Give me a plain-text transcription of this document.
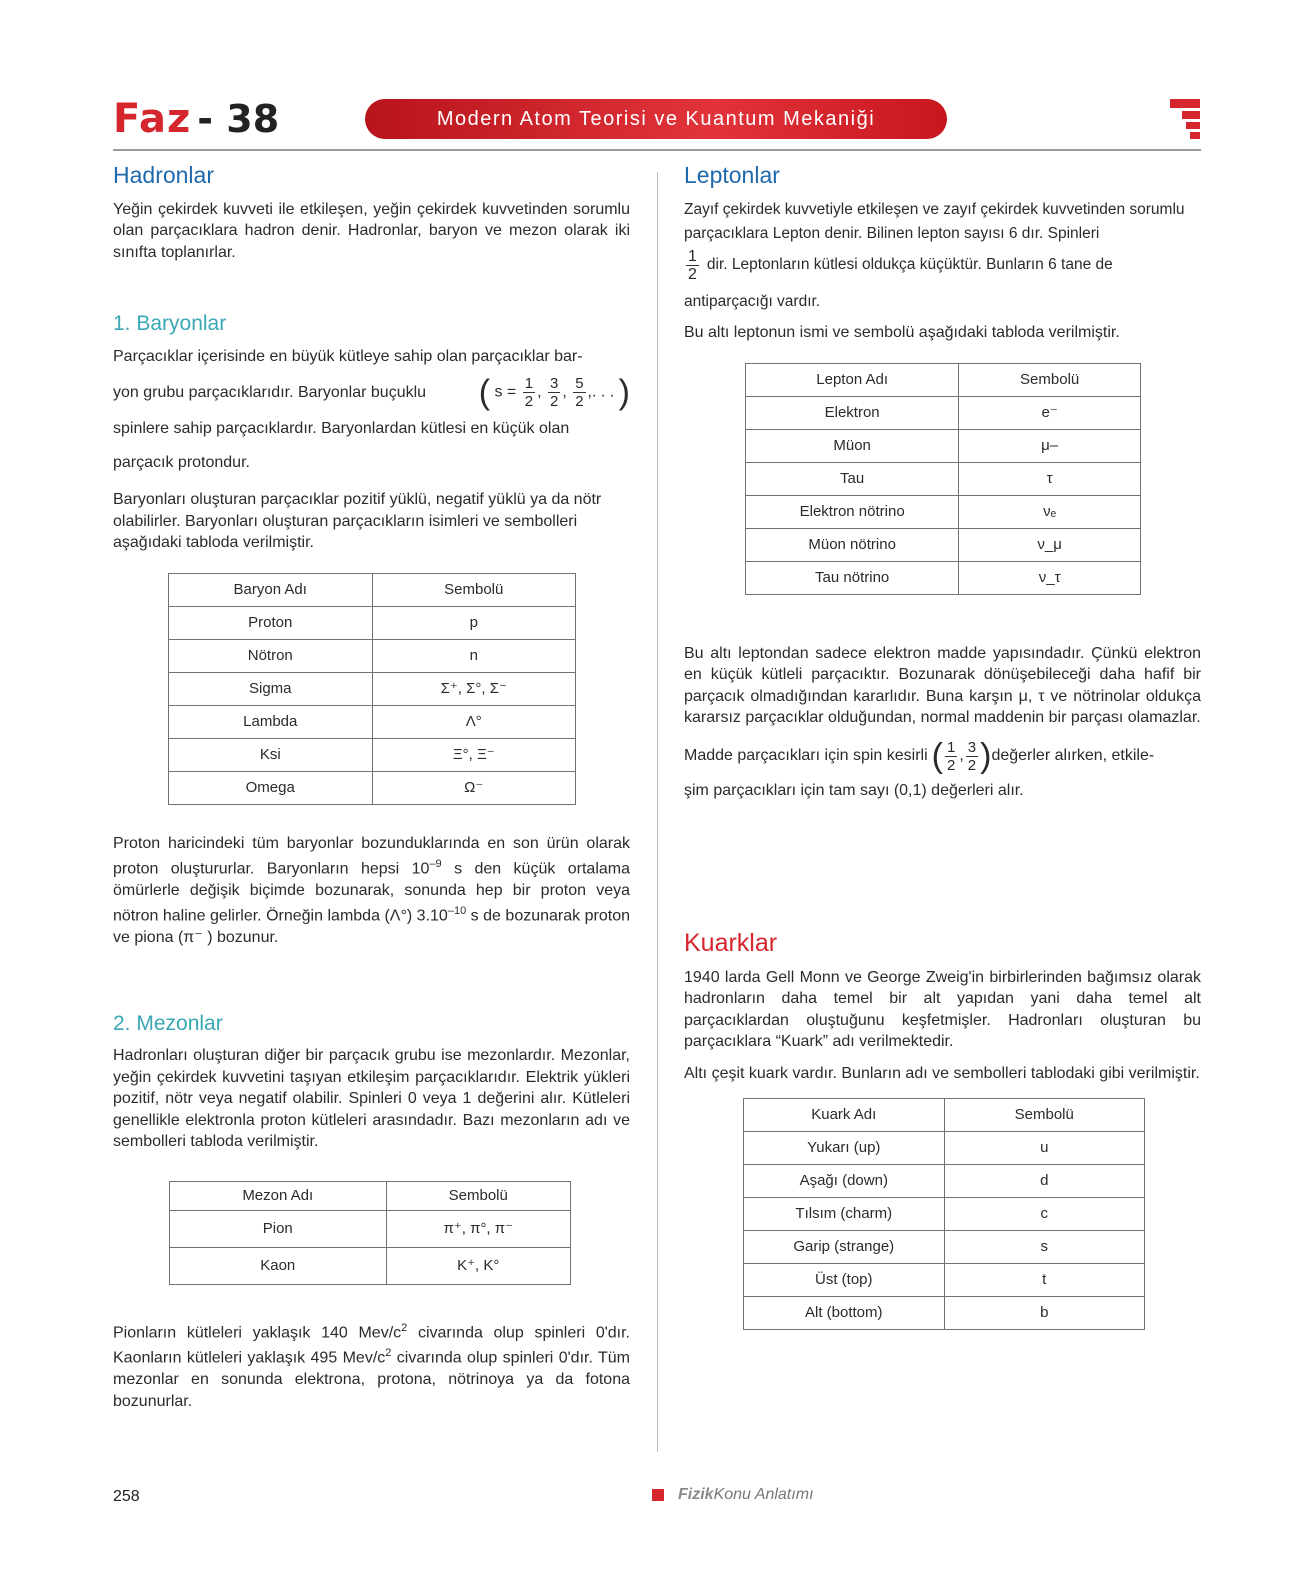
Faz - 38	Modern Atom Teorisi ve Kuantum Mekaniği
Hadronlar

Yeğin çekirdek kuvveti ile etkileşen, yeğin çekirdek kuvvetinden sorumlu olan parçacıklara hadron denir. Hadronlar, baryon ve mezon olarak iki sınıfta toplanırlar.

1. Baryonlar

Parçacıklar içerisinde en büyük kütleye sahip olan parçacıklar bar-

yon grubu parçacıklarıdır. Baryonlar buçuklu ( $s = \frac{1}{2}$ , $\frac{3}{2}$ , $\frac{5}{2}$ ,. . . )

spinlere sahip parçacıklardır. Baryonlardan kütlesi en küçük olan

parçacık protondur.

Baryonları oluşturan parçacıklar pozitif yüklü, negatif yüklü ya da nötr olabilirler. Baryonları oluşturan parçacıkların isimleri ve sembolleri aşağıdaki tabloda verilmiştir.

Baryon Adı	Sembolü
Proton	p
Nötron	n
Sigma	Σ⁺, Σ°, Σ⁻
Lambda	Λ°
Ksi	Ξ°, Ξ⁻
Omega	Ω⁻

Proton haricindeki tüm baryonlar bozunduklarında en son ürün olarak proton oluştururlar. Baryonların hepsi $10^{-9}$ s den küçük ortalama ömürlerle değişik biçimde bozunarak, sonunda hep bir proton veya nötron haline gelirler. Örneğin lambda (Λ°) $3.10^{-10}$ s de bozunarak proton ve piona (π⁻ ) bozunur.

2. Mezonlar

Hadronları oluşturan diğer bir parçacık grubu ise mezonlardır. Mezonlar, yeğin çekirdek kuvvetini taşıyan etkileşim parçacıklarıdır. Elektrik yükleri pozitif, nötr veya negatif olabilir. Spinleri 0 veya 1 değerini alır. Kütleleri genellikle elektronla proton kütleleri arasındadır. Bazı mezonların adı ve sembolleri tabloda verilmiştir.

Mezon Adı	Sembolü
Pion	π⁺, π°, π⁻
Kaon	K⁺, K°

Pionların kütleleri yaklaşık 140 Mev/$c^2$ civarında olup spinleri 0'dır. Kaonların kütleleri yaklaşık 495 Mev/$c^2$ civarında olup spinleri 0'dır. Tüm mezonlar en sonunda elektrona, protona, nötrinoya ya da fotona bozunurlar.

Leptonlar

Zayıf çekirdek kuvvetiyle etkileşen ve zayıf çekirdek kuvvetinden sorumlu parçacıklara Lepton denir. Bilinen lepton sayısı 6 dır. Spinleri

$\frac{1}{2}$ dir. Leptonların kütlesi oldukça küçüktür. Bunların 6 tane de

antiparçacığı vardır.

Bu altı leptonun ismi ve sembolü aşağıdaki tabloda verilmiştir.

Lepton Adı	Sembolü
Elektron	e⁻
Müon	μ–
Tau	τ
Elektron nötrino	νₑ
Müon nötrino	ν_μ
Tau nötrino	ν_τ

Bu altı leptondan sadece elektron madde yapısındadır. Çünkü elektron en küçük kütleli parçacıktır. Bozunarak dönüşebileceği daha hafif bir parçacık olmadığından kararlıdır. Buna karşın μ, τ ve nötrinolar oldukça kararsız parçacıklar olduğundan, normal maddenin bir parçası olamazlar.

Madde parçacıkları için spin kesirli ( $\frac{1}{2}$ , $\frac{3}{2}$ ) değerler alırken, etkile-

şim parçacıkları için tam sayı (0,1) değerleri alır.

Kuarklar

1940 larda Gell Monn ve George Zweig'in birbirlerinden bağımsız olarak hadronların daha temel bir alt yapıdan yani daha temel alt parçacıklardan oluştuğunu keşfetmişler. Hadronları oluşturan bu parçacıklara “Kuark” adı verilmektedir.

Altı çeşit kuark vardır. Bunların adı ve sembolleri tablodaki gibi verilmiştir.

Kuark Adı	Sembolü
Yukarı (up)	u
Aşağı (down)	d
Tılsım (charm)	c
Garip (strange)	s
Üst (top)	t
Alt (bottom)	b
258	Fizik Konu Anlatımı
